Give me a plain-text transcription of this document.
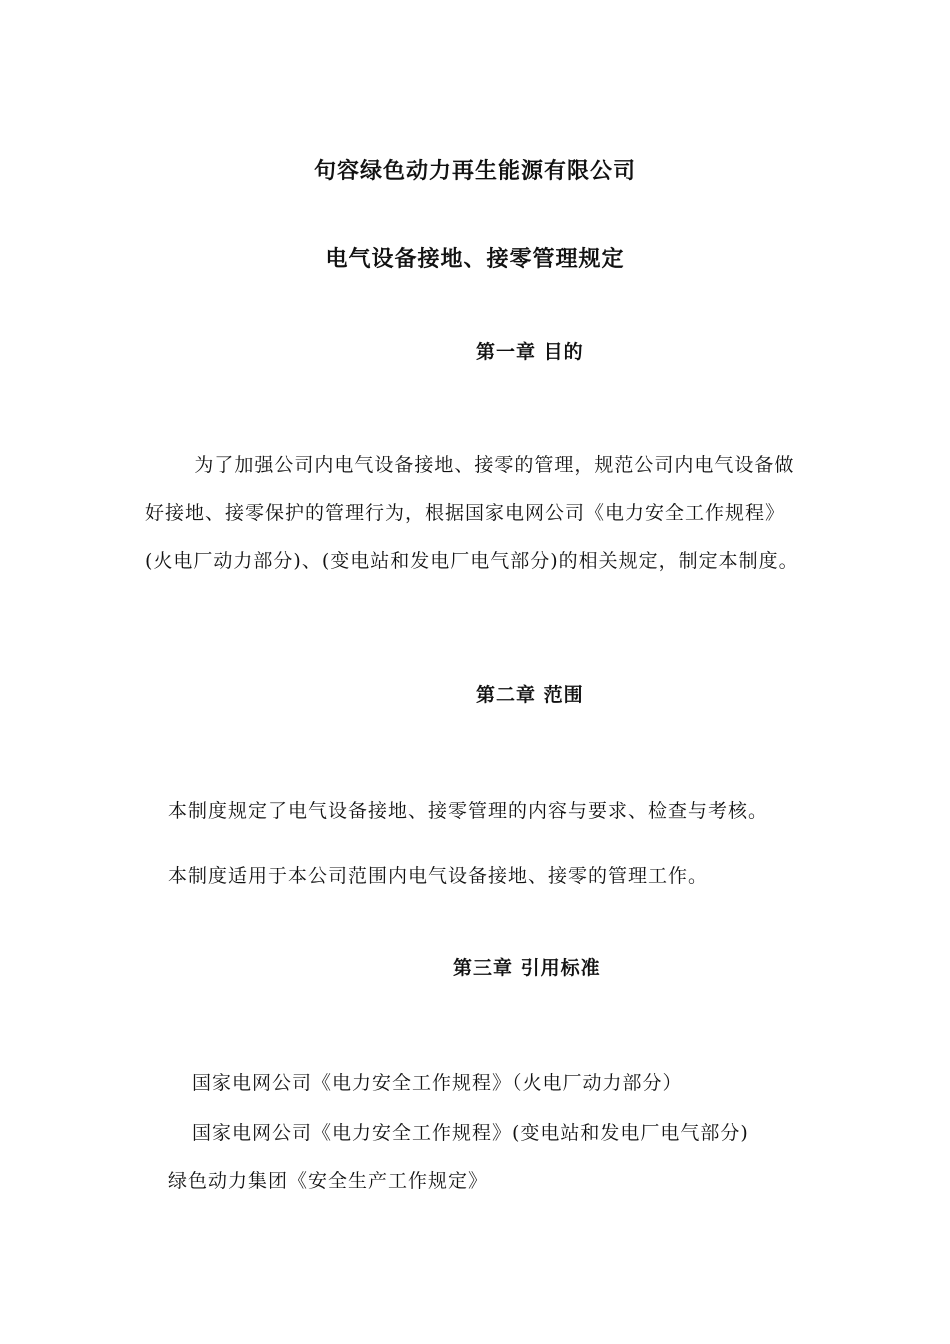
句容绿色动力再生能源有限公司
电气设备接地、接零管理规定
第一章 目的
为了加强公司内电气设备接地、接零的管理，规范公司内电气设备做好接地、接零保护的管理行为，根据国家电网公司《电力安全工作规程》(火电厂动力部分)、(变电站和发电厂电气部分)的相关规定，制定本制度。
第二章 范围
本制度规定了电气设备接地、接零管理的内容与要求、检查与考核。
本制度适用于本公司范围内电气设备接地、接零的管理工作。
第三章 引用标准
国家电网公司《电力安全工作规程》（火电厂动力部分）
国家电网公司《电力安全工作规程》(变电站和发电厂电气部分)
绿色动力集团《安全生产工作规定》
